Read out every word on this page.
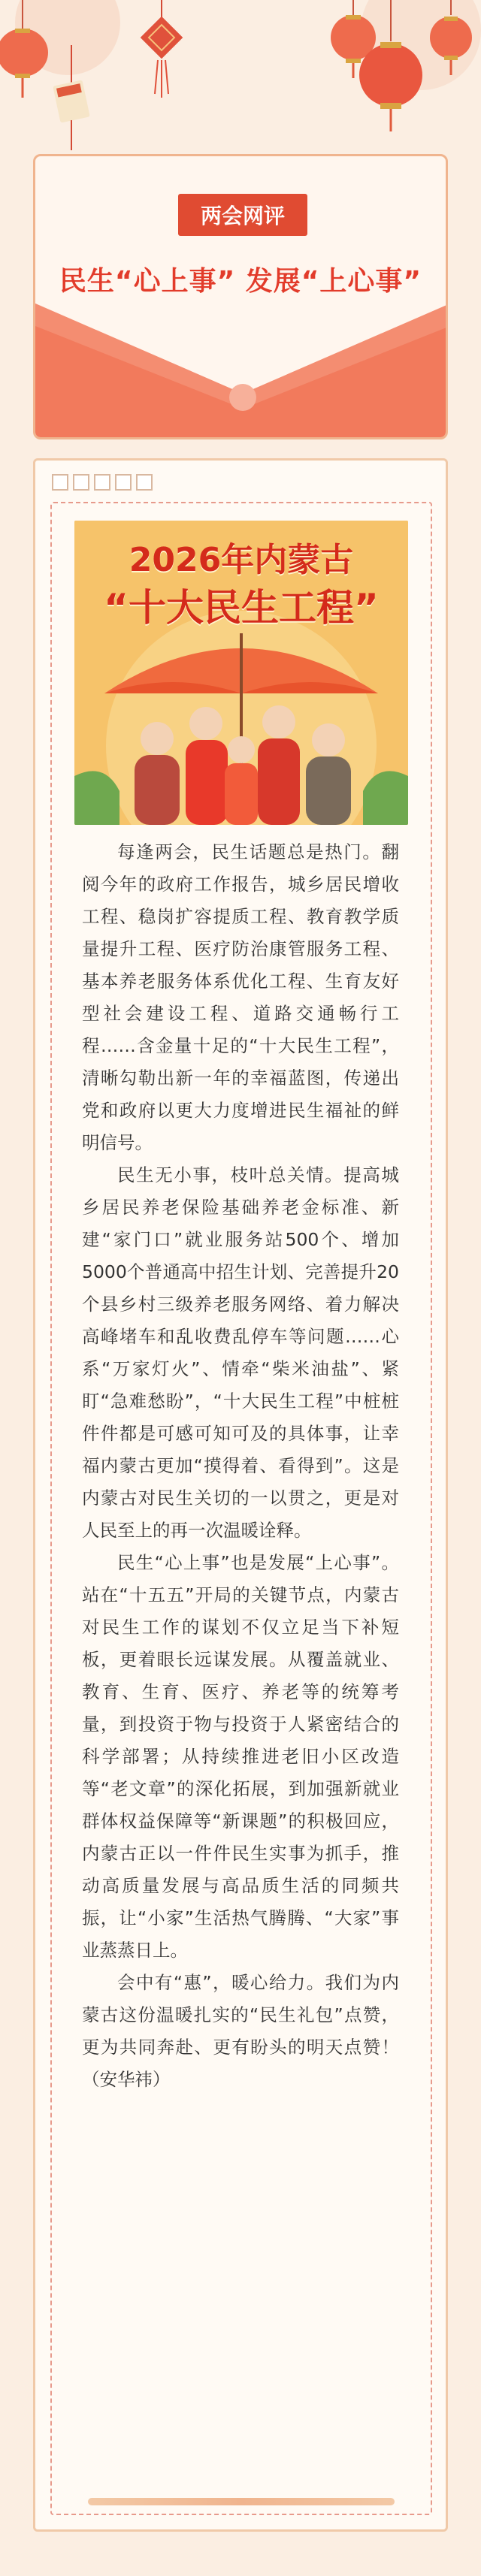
两会网评
民生“心上事” 发展“上心事”
2026年内蒙古
“十大民生工程”

每逢两会，民生话题总是热门。翻阅今年的政府工作报告，城乡居民增收工程、稳岗扩容提质工程、教育教学质量提升工程、医疗防治康管服务工程、基本养老服务体系优化工程、生育友好型社会建设工程、道路交通畅行工程……含金量十足的“十大民生工程”，清晰勾勒出新一年的幸福蓝图，传递出党和政府以更大力度增进民生福祉的鲜明信号。

民生无小事，枝叶总关情。提高城乡居民养老保险基础养老金标准、新建“家门口”就业服务站500个、增加5000个普通高中招生计划、完善提升20个县乡村三级养老服务网络、着力解决高峰堵车和乱收费乱停车等问题……心系“万家灯火”、情牵“柴米油盐”、紧盯“急难愁盼”，“十大民生工程”中桩桩件件都是可感可知可及的具体事，让幸福内蒙古更加“摸得着、看得到”。这是内蒙古对民生关切的一以贯之，更是对人民至上的再一次温暖诠释。

民生“心上事”也是发展“上心事”。站在“十五五”开局的关键节点，内蒙古对民生工作的谋划不仅立足当下补短板，更着眼长远谋发展。从覆盖就业、教育、生育、医疗、养老等的统筹考量，到投资于物与投资于人紧密结合的科学部署；从持续推进老旧小区改造等“老文章”的深化拓展，到加强新就业群体权益保障等“新课题”的积极回应，内蒙古正以一件件民生实事为抓手，推动高质量发展与高品质生活的同频共振，让“小家”生活热气腾腾、“大家”事业蒸蒸日上。

会中有“惠”，暖心给力。我们为内蒙古这份温暖扎实的“民生礼包”点赞，更为共同奔赴、更有盼头的明天点赞！（安华祎）
